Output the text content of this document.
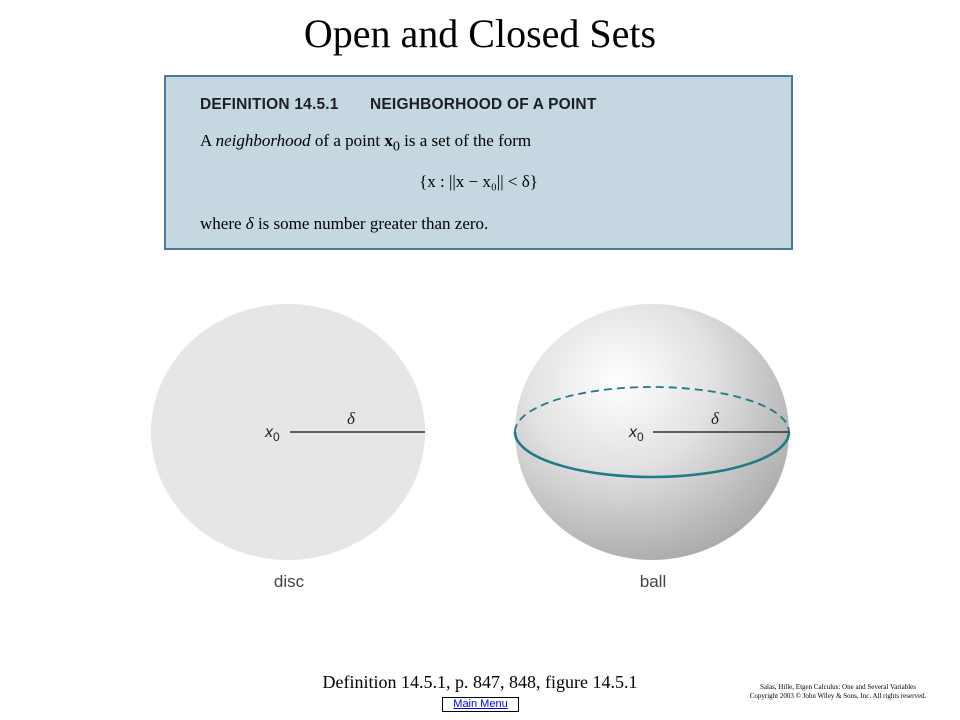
Open and Closed Sets
DEFINITION 14.5.1 NEIGHBORHOOD OF A POINT
A neighborhood of a point $x_0$ is a set of the form
{x : ||x − x₀|| < δ}
where δ is some number greater than zero.
$x_0$
δ
disc
$x_0$
δ
ball
Definition 14.5.1, p. 847, 848, figure 14.5.1	Salas, Hille, Etgen Calculus: One and Several Variables
Copyright 2003 © John Wiley & Sons, Inc. All rights reserved.
Main Menu
